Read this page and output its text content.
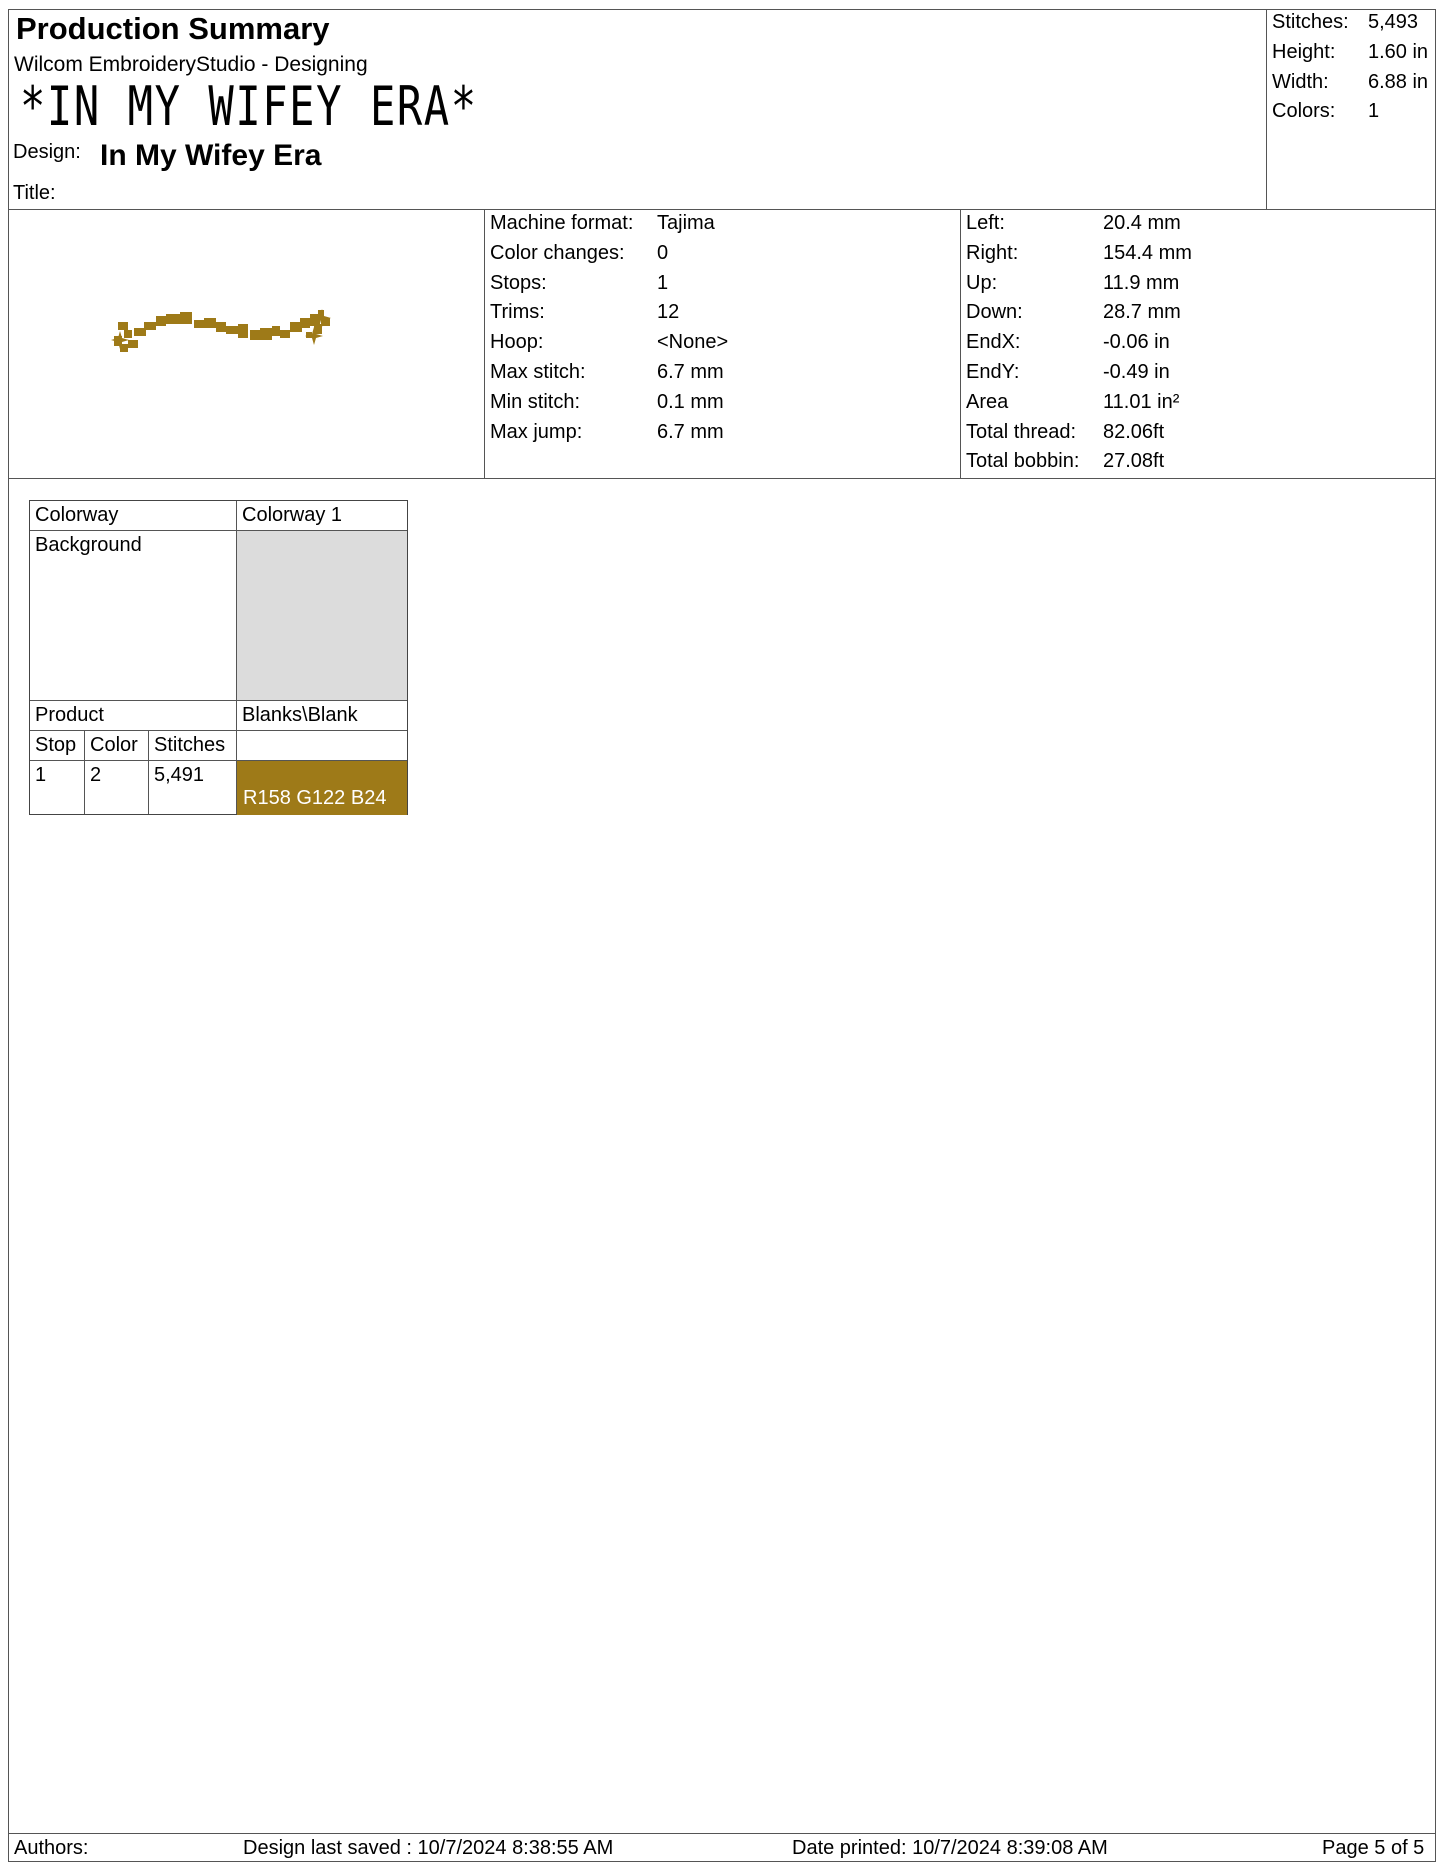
Production Summary
Wilcom EmbroideryStudio - Designing
*IN MY WIFEY ERA*
Design: In My Wifey Era
Title:
Stitches: 5,493
Height: 1.60 in
Width: 6.88 in
Colors: 1
Machine format: Tajima
Color changes: 0
Stops:	1
Trims:	12
Hoop:	<None>
Max stitch:	6.7 mm
Min stitch:	0.1 mm
Max jump:	6.7 mm
Left:	20.4 mm
Right:	154.4 mm
Up:	11.9 mm
Down:	28.7 mm
EndX:	-0.06 in
EndY:	-0.49 in
Area	11.01 in²
Total thread: 82.06ft
Total bobbin: 27.08ft
Colorway	Colorway 1
Background
Product	Blanks\Blank
Stop Color Stitches
1 2	5,491
R158 G122 B24
Authors:	Design last saved : 10/7/2024 8:38:55 AM	Date printed: 10/7/2024 8:39:08 AM	Page 5 of 5
